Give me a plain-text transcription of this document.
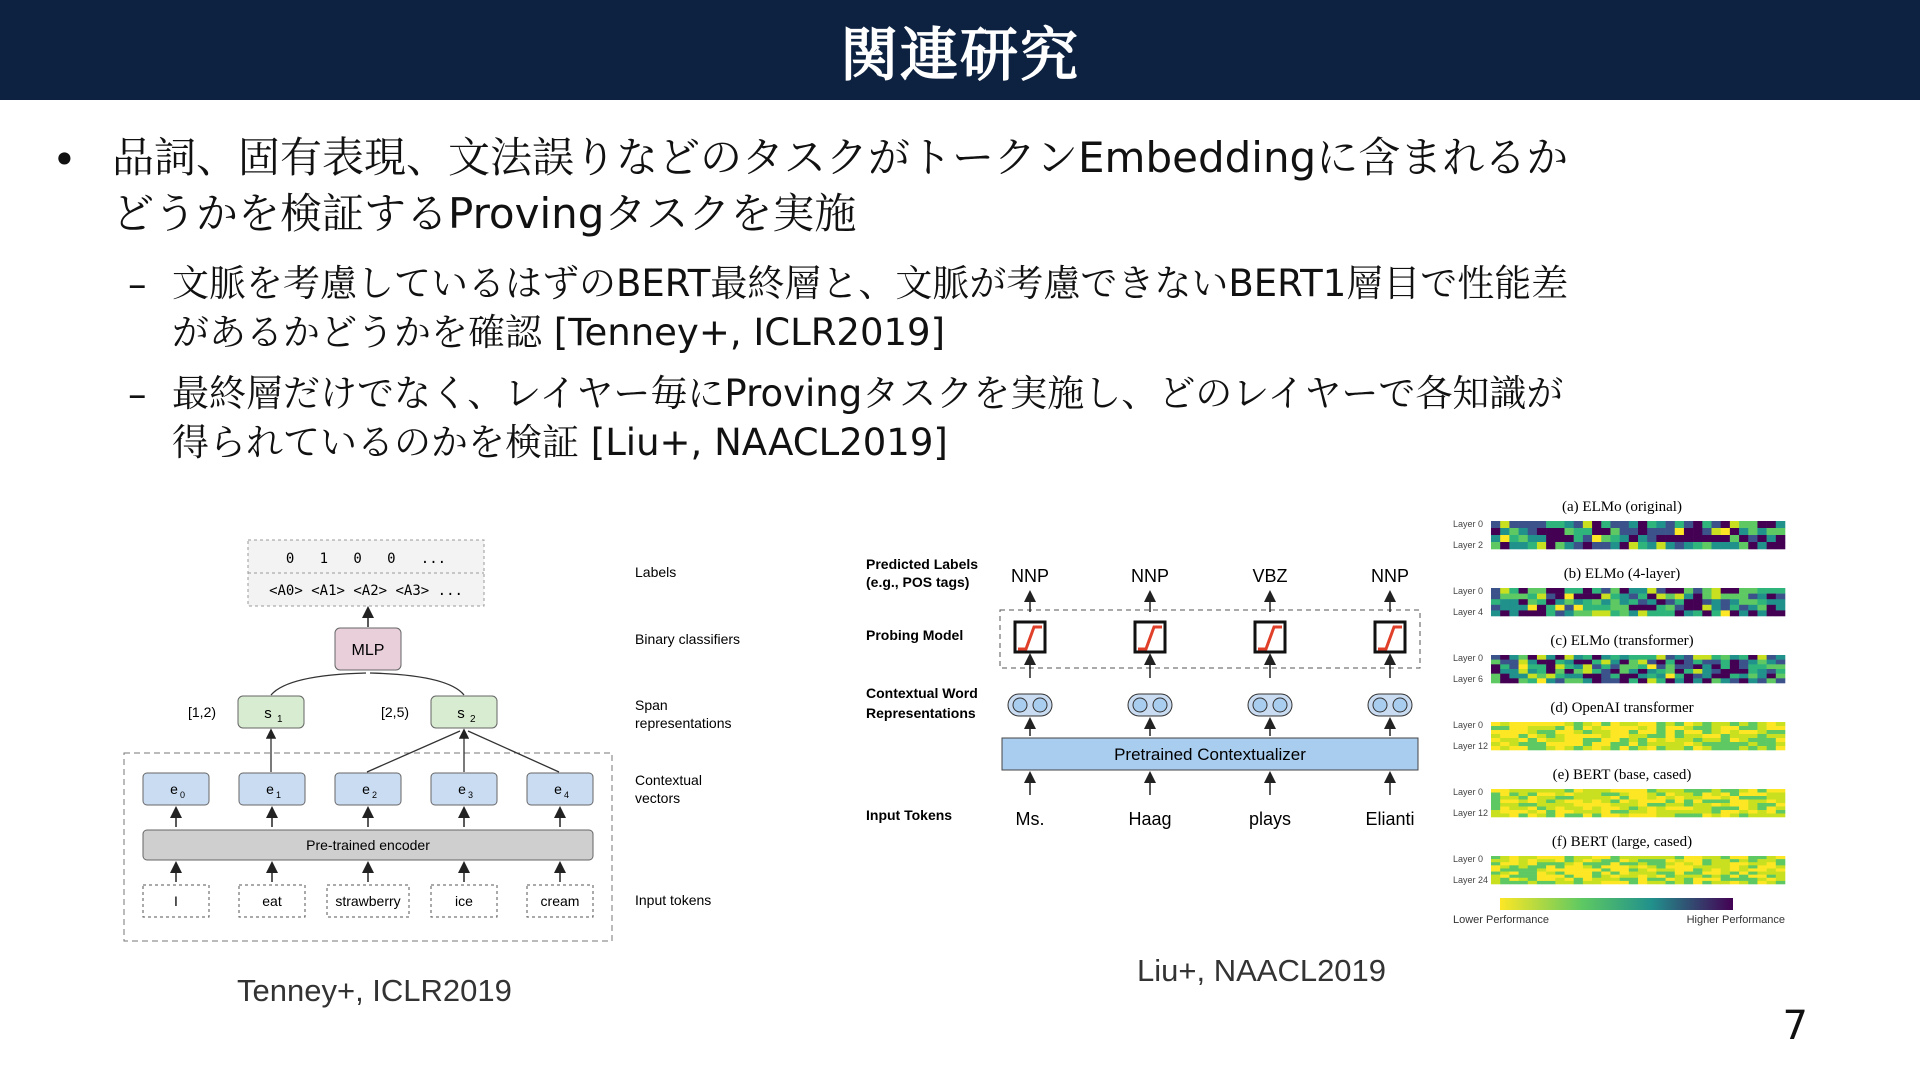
関連研究
• 品詞、固有表現、文法誤りなどのタスクがトークンEmbeddingに含まれるか
どうかを検証するProvingタスクを実施
– 文脈を考慮しているはずのBERT最終層と、文脈が考慮できないBERT1層目で性能差
があるかどうかを確認 [Tenney+, ICLR2019]
– 最終層だけでなく、レイヤー毎にProvingタスクを実施し、どのレイヤーで各知識が
得られているのかを検証 [Liu+, NAACL2019]
0   1   0   0   ...
<A0> <A1> <A2> <A3> ...
MLP
s 1	s 2
[1,2)	[2,5)
e 0	e 1	e 2	e 3	e 4
Pre-trained encoder
I	eat	strawberry	ice	cream
Labels
Binary classifiers
Span
representations
Contextual
vectors
Input tokens
Predicted Labels
(e.g., POS tags)
Probing Model
Contextual Word
Representations
Input Tokens
Pretrained Contextualizer
NNP
Ms.
NNP
Haag
VBZ
plays
NNP
Elianti
(a) ELMo (original)
Layer 0
Layer 2
(b) ELMo (4-layer)
Layer 0
Layer 4
(c) ELMo (transformer)
Layer 0
Layer 6
(d) OpenAI transformer
Layer 0
Layer 12
(e) BERT (base, cased)
Layer 0
Layer 12
(f) BERT (large, cased)
Layer 0
Layer 24
Lower Performance	Higher Performance
Tenney+, ICLR2019
Liu+, NAACL2019
7
